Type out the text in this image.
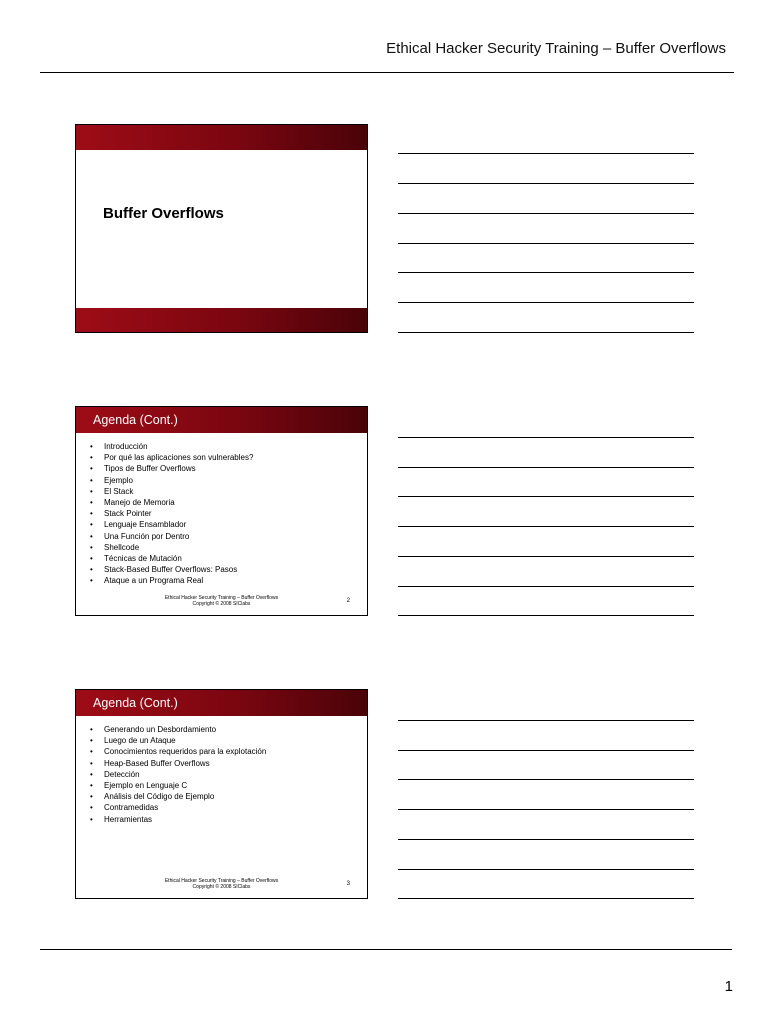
Ethical Hacker Security Training – Buffer Overflows
Buffer Overflows
Agenda (Cont.)
• Introducción
• Por qué las aplicaciones son vulnerables?
• Tipos de Buffer Overflows
• Ejemplo
• El Stack
• Manejo de Memoria
• Stack Pointer
• Lenguaje Ensamblador
• Una Función por Dentro
• Shellcode
• Técnicas de Mutación
• Stack-Based Buffer Overflows: Pasos
• Ataque a un Programa Real
Ethical Hacker Security Training – Buffer Overflows
Copyright © 2008 SIClabs	2
Agenda (Cont.)
• Generando un Desbordamiento
• Luego de un Ataque
• Conocimientos requeridos para la explotación
• Heap-Based Buffer Overflows
• Detección
• Ejemplo en Lenguaje C
• Análisis del Código de Ejemplo
• Contramedidas
• Herramientas
Ethical Hacker Security Training – Buffer Overflows
Copyright © 2008 SIClabs	3
1
